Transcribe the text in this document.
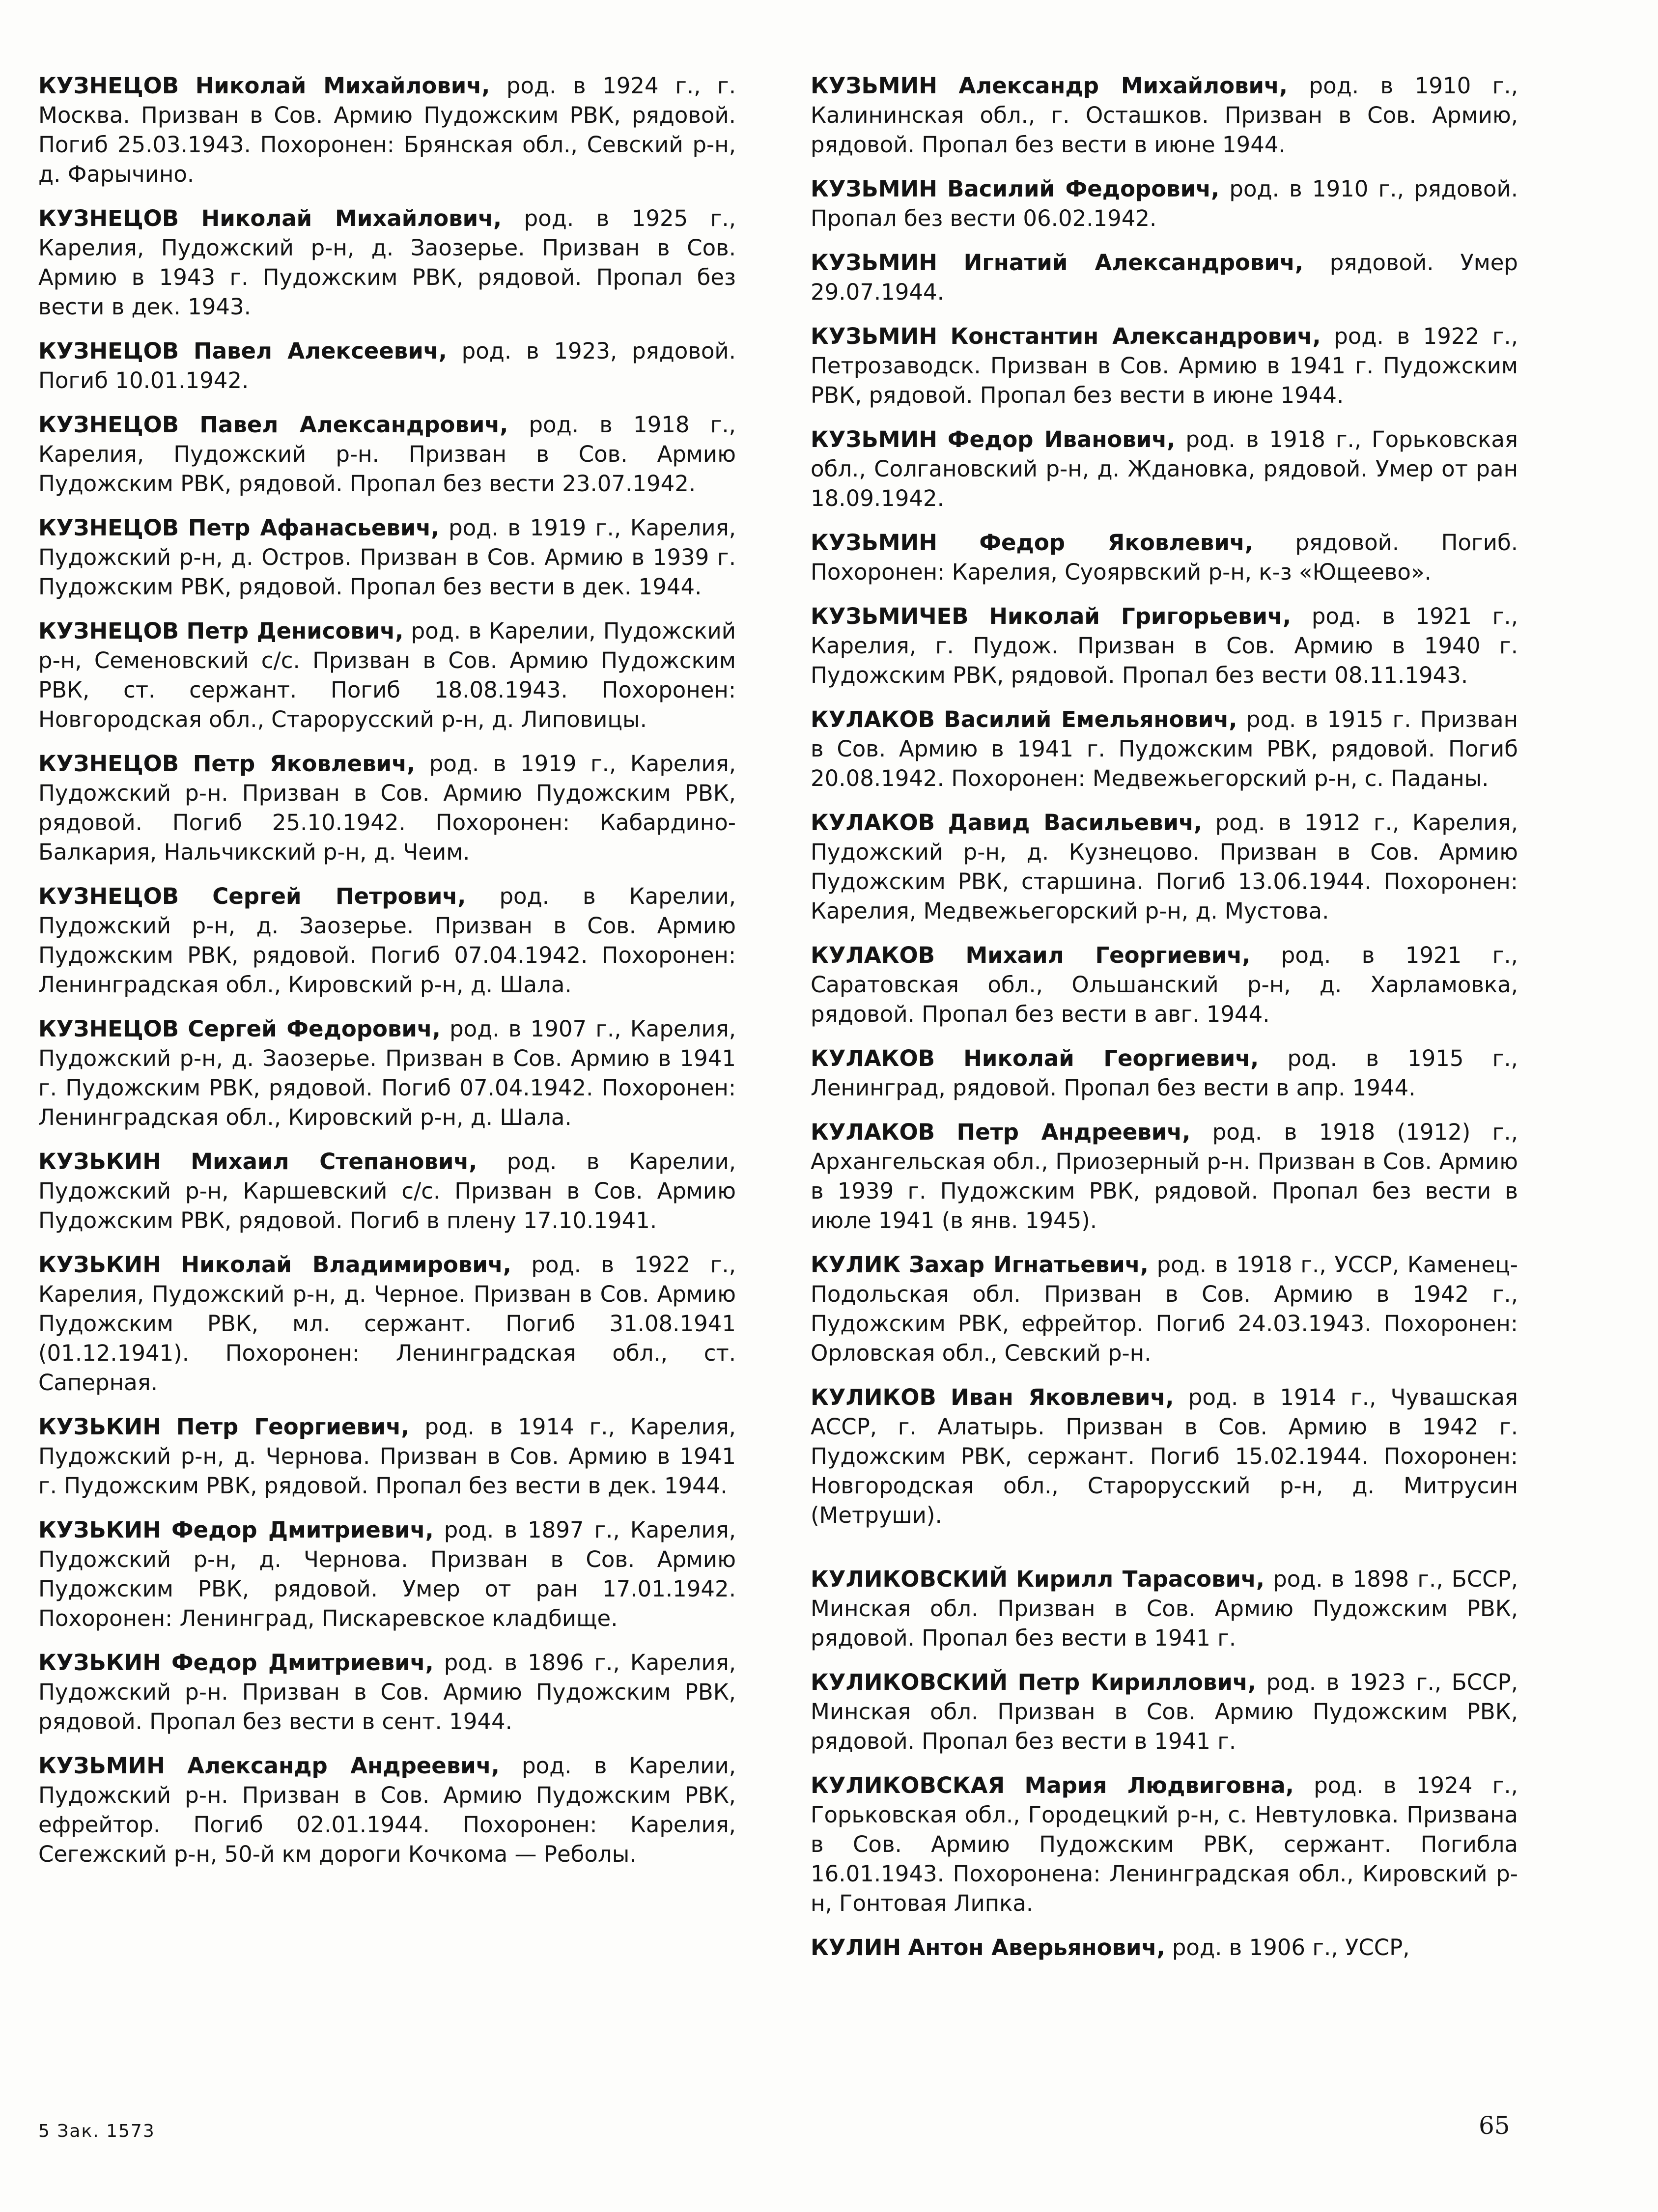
КУЗНЕЦОВ Николай Михайлович, род. в 1924 г., г. Москва. Призван в Сов. Армию Пудожским РВК, рядовой. Погиб 25.03.1943. Похоронен: Брянская обл., Севский р-н, д. Фарычино.

КУЗНЕЦОВ Николай Михайлович, род. в 1925 г., Карелия, Пудожский р-н, д. Заозерье. Призван в Сов. Армию в 1943 г. Пудожским РВК, рядовой. Пропал без вести в дек. 1943.

КУЗНЕЦОВ Павел Алексеевич, род. в 1923, рядовой. Погиб 10.01.1942.

КУЗНЕЦОВ Павел Александрович, род. в 1918 г., Карелия, Пудожский р-н. Призван в Сов. Армию Пудожским РВК, рядовой. Пропал без вести 23.07.1942.

КУЗНЕЦОВ Петр Афанасьевич, род. в 1919 г., Карелия, Пудожский р-н, д. Остров. Призван в Сов. Армию в 1939 г. Пудожским РВК, рядовой. Пропал без вести в дек. 1944.

КУЗНЕЦОВ Петр Денисович, род. в Карелии, Пудожский р-н, Семеновский с/с. Призван в Сов. Армию Пудожским РВК, ст. сержант. Погиб 18.08.1943. Похоронен: Новгородская обл., Старорусский р-н, д. Липовицы.

КУЗНЕЦОВ Петр Яковлевич, род. в 1919 г., Карелия, Пудожский р-н. Призван в Сов. Армию Пудожским РВК, рядовой. Погиб 25.10.1942. Похоронен: Кабардино-Балкария, Нальчикский р-н, д. Чеим.

КУЗНЕЦОВ Сергей Петрович, род. в Карелии, Пудожский р-н, д. Заозерье. Призван в Сов. Армию Пудожским РВК, рядовой. Погиб 07.04.1942. Похоронен: Ленинградская обл., Кировский р-н, д. Шала.

КУЗНЕЦОВ Сергей Федорович, род. в 1907 г., Карелия, Пудожский р-н, д. Заозерье. Призван в Сов. Армию в 1941 г. Пудожским РВК, рядовой. Погиб 07.04.1942. Похоронен: Ленинградская обл., Кировский р-н, д. Шала.

КУЗЬКИН Михаил Степанович, род. в Карелии, Пудожский р-н, Каршевский с/с. Призван в Сов. Армию Пудожским РВК, рядовой. Погиб в плену 17.10.1941.

КУЗЬКИН Николай Владимирович, род. в 1922 г., Карелия, Пудожский р-н, д. Черное. Призван в Сов. Армию Пудожским РВК, мл. сержант. Погиб 31.08.1941 (01.12.1941). Похоронен: Ленинградская обл., ст. Саперная.

КУЗЬКИН Петр Георгиевич, род. в 1914 г., Карелия, Пудожский р-н, д. Чернова. Призван в Сов. Армию в 1941 г. Пудожским РВК, рядовой. Пропал без вести в дек. 1944.

КУЗЬКИН Федор Дмитриевич, род. в 1897 г., Карелия, Пудожский р-н, д. Чернова. Призван в Сов. Армию Пудожским РВК, рядовой. Умер от ран 17.01.1942. Похоронен: Ленинград, Пискаревское кладбище.

КУЗЬКИН Федор Дмитриевич, род. в 1896 г., Карелия, Пудожский р-н. Призван в Сов. Армию Пудожским РВК, рядовой. Пропал без вести в сент. 1944.

КУЗЬМИН Александр Андреевич, род. в Карелии, Пудожский р-н. Призван в Сов. Армию Пудожским РВК, ефрейтор. Погиб 02.01.1944. Похоронен: Карелия, Сегежский р-н, 50-й км дороги Кочкома — Реболы.

КУЗЬМИН Александр Михайлович, род. в 1910 г., Калининская обл., г. Осташков. Призван в Сов. Армию, рядовой. Пропал без вести в июне 1944.

КУЗЬМИН Василий Федорович, род. в 1910 г., рядовой. Пропал без вести 06.02.1942.

КУЗЬМИН Игнатий Александрович, рядовой. Умер 29.07.1944.

КУЗЬМИН Константин Александрович, род. в 1922 г., Петрозаводск. Призван в Сов. Армию в 1941 г. Пудожским РВК, рядовой. Пропал без вести в июне 1944.

КУЗЬМИН Федор Иванович, род. в 1918 г., Горьковская обл., Солгановский р-н, д. Ждановка, рядовой. Умер от ран 18.09.1942.

КУЗЬМИН Федор Яковлевич, рядовой. Погиб. Похоронен: Карелия, Суоярвский р-н, к-з «Ющеево».

КУЗЬМИЧЕВ Николай Григорьевич, род. в 1921 г., Карелия, г. Пудож. Призван в Сов. Армию в 1940 г. Пудожским РВК, рядовой. Пропал без вести 08.11.1943.

КУЛАКОВ Василий Емельянович, род. в 1915 г. Призван в Сов. Армию в 1941 г. Пудожским РВК, рядовой. Погиб 20.08.1942. Похоронен: Медвежьегорский р-н, с. Паданы.

КУЛАКОВ Давид Васильевич, род. в 1912 г., Карелия, Пудожский р-н, д. Кузнецово. Призван в Сов. Армию Пудожским РВК, старшина. Погиб 13.06.1944. Похоронен: Карелия, Медвежьегорский р-н, д. Мустова.

КУЛАКОВ Михаил Георгиевич, род. в 1921 г., Саратовская обл., Ольшанский р-н, д. Харламовка, рядовой. Пропал без вести в авг. 1944.

КУЛАКОВ Николай Георгиевич, род. в 1915 г., Ленинград, рядовой. Пропал без вести в апр. 1944.

КУЛАКОВ Петр Андреевич, род. в 1918 (1912) г., Архангельская обл., Приозерный р-н. Призван в Сов. Армию в 1939 г. Пудожским РВК, рядовой. Пропал без вести в июле 1941 (в янв. 1945).

КУЛИК Захар Игнатьевич, род. в 1918 г., УССР, Каменец-Подольская обл. Призван в Сов. Армию в 1942 г., Пудожским РВК, ефрейтор. Погиб 24.03.1943. Похоронен: Орловская обл., Севский р-н.

КУЛИКОВ Иван Яковлевич, род. в 1914 г., Чувашская АССР, г. Алатырь. Призван в Сов. Армию в 1942 г. Пудожским РВК, сержант. Погиб 15.02.1944. Похоронен: Новгородская обл., Старорусский р-н, д. Митрусин (Метруши).

КУЛИКОВСКИЙ Кирилл Тарасович, род. в 1898 г., БССР, Минская обл. Призван в Сов. Армию Пудожским РВК, рядовой. Пропал без вести в 1941 г.

КУЛИКОВСКИЙ Петр Кириллович, род. в 1923 г., БССР, Минская обл. Призван в Сов. Армию Пудожским РВК, рядовой. Пропал без вести в 1941 г.

КУЛИКОВСКАЯ Мария Людвиговна, род. в 1924 г., Горьковская обл., Городецкий р-н, с. Невтуловка. Призвана в Сов. Армию Пудожским РВК, сержант. Погибла 16.01.1943. Похоронена: Ленинградская обл., Кировский р-н, Гонтовая Липка.

КУЛИН Антон Аверьянович, род. в 1906 г., УССР,

5 Зак. 1573	65
